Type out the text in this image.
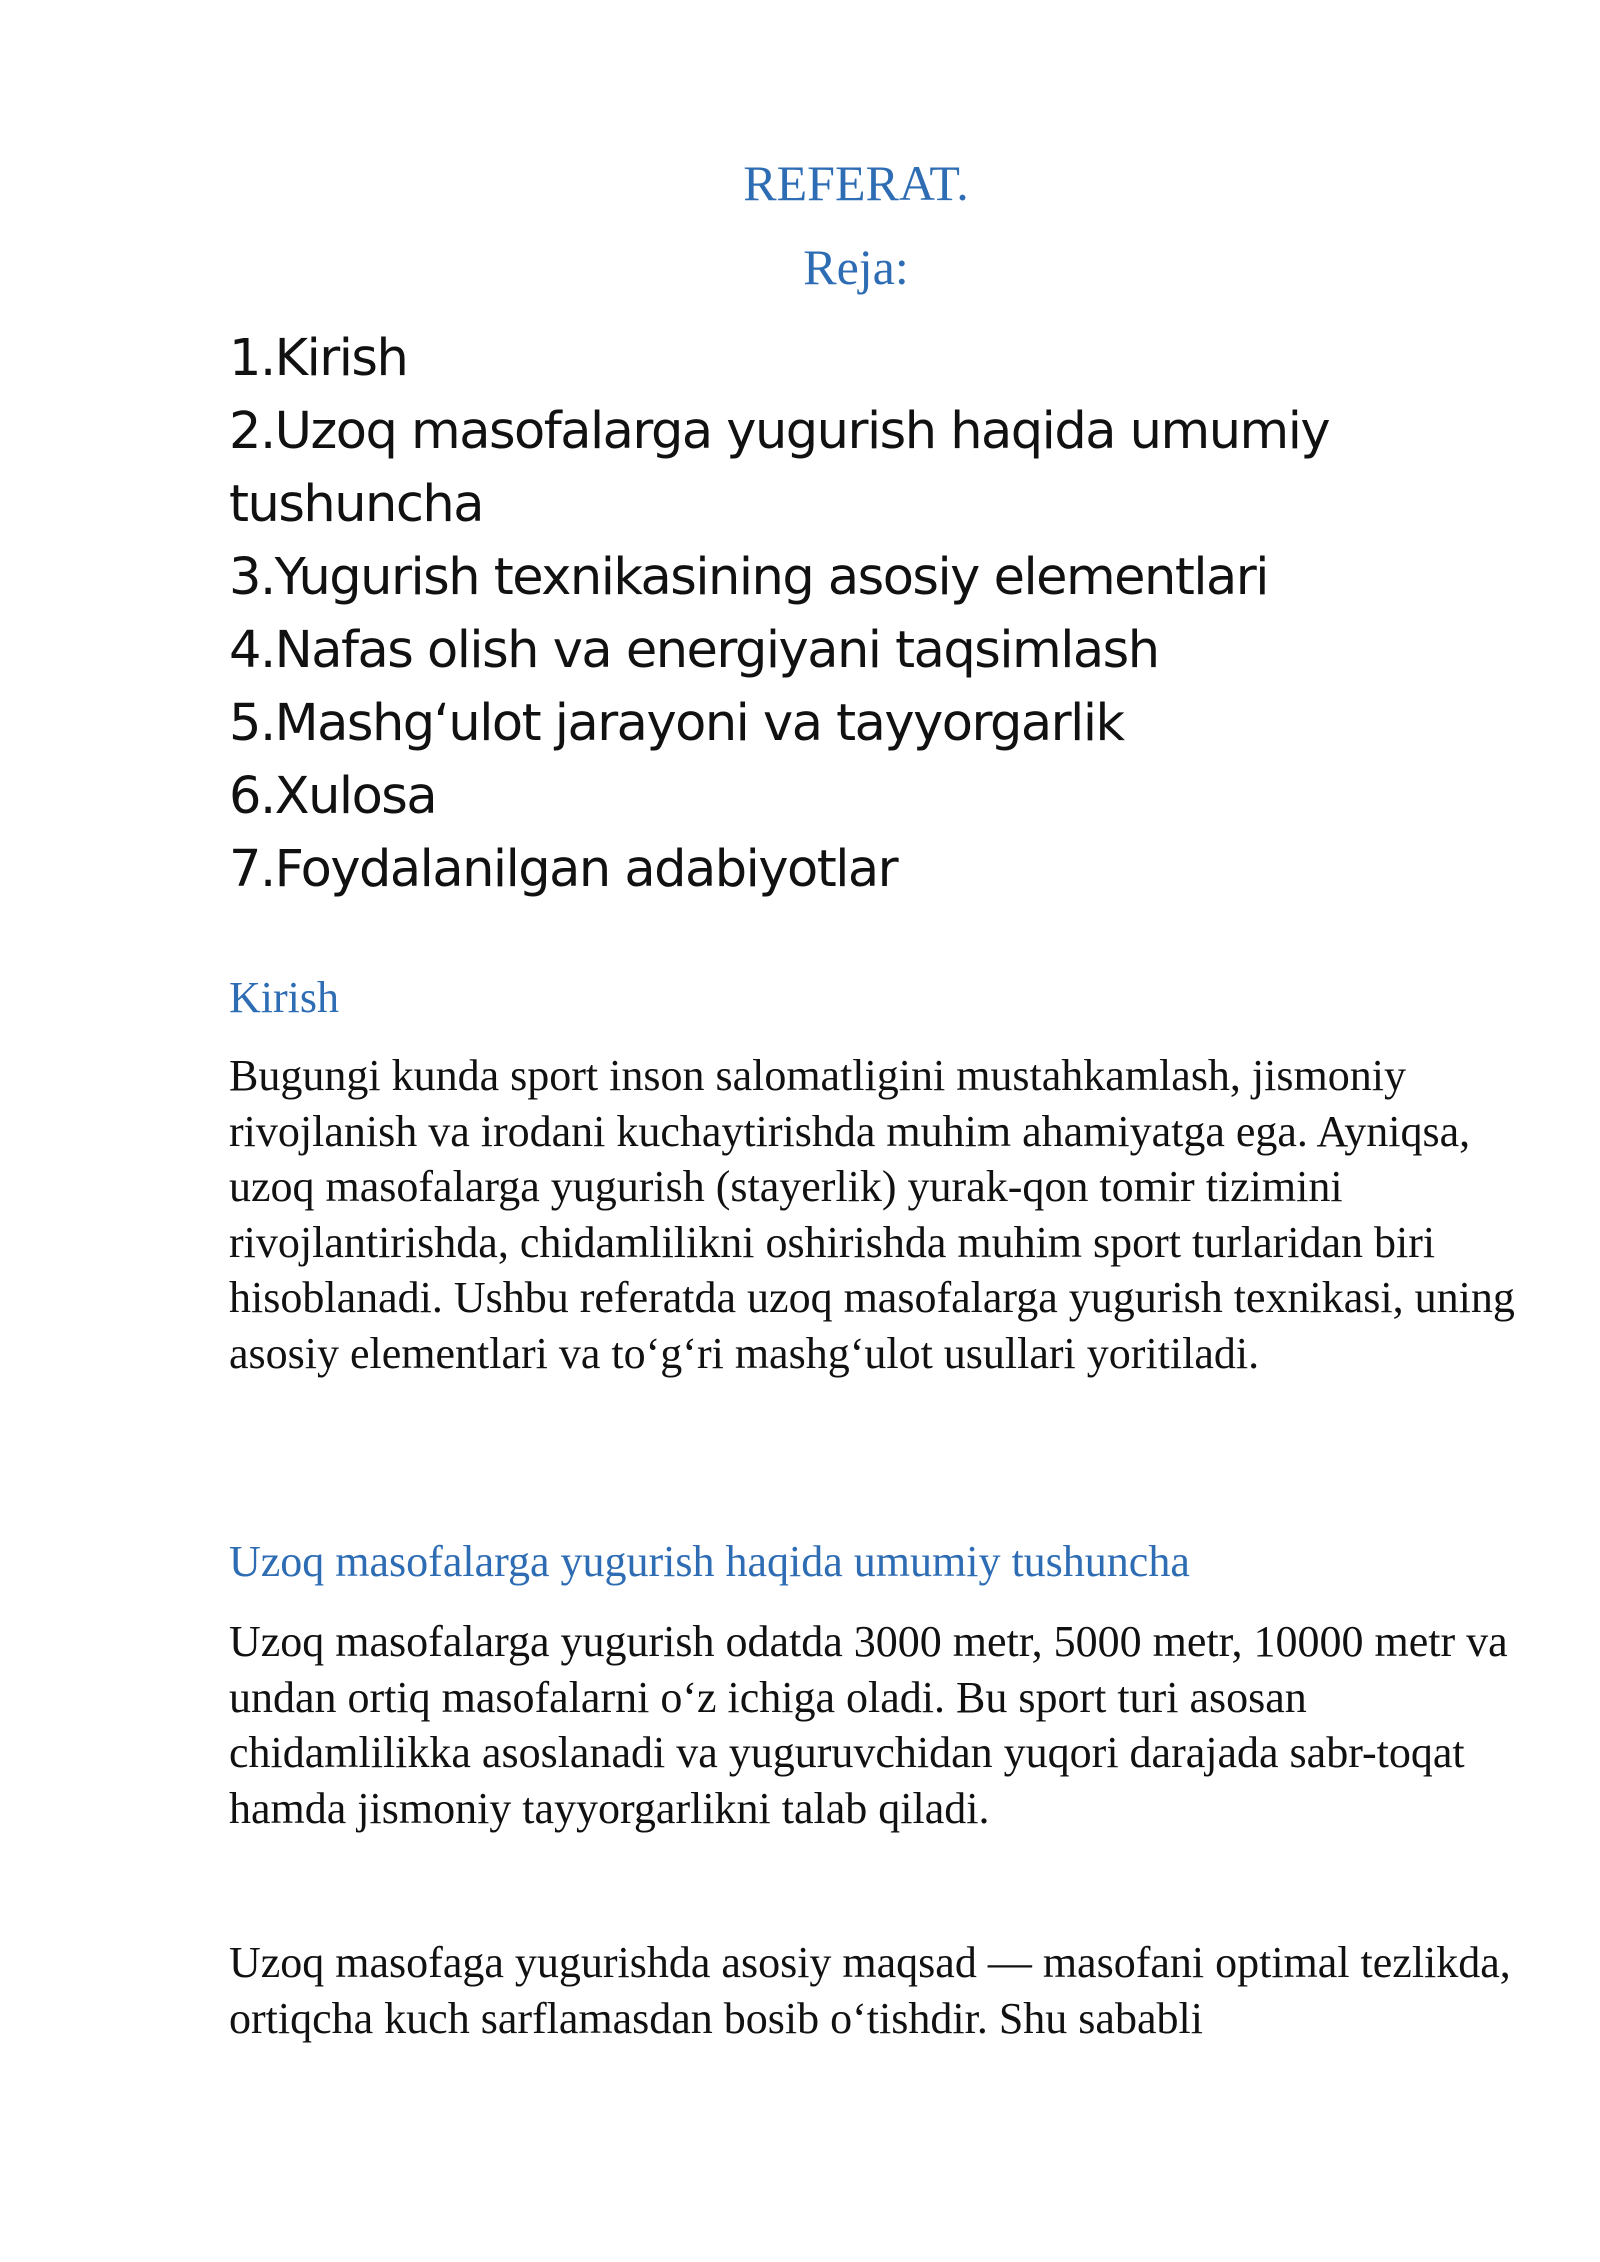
REFERAT.
Reja:
1.Kirish
2.Uzoq masofalarga yugurish haqida umumiy tushuncha
3.Yugurish texnikasining asosiy elementlari
4.Nafas olish va energiyani taqsimlash
5.Mashg‘ulot jarayoni va tayyorgarlik
6.Xulosa
7.Foydalanilgan adabiyotlar
Kirish

Bugungi kunda sport inson salomatligini mustahkamlash, jismoniy rivojlanish va irodani kuchaytirishda muhim ahamiyatga ega. Ayniqsa, uzoq masofalarga yugurish (stayerlik) yurak-qon tomir tizimini rivojlantirishda, chidamlilikni oshirishda muhim sport turlaridan biri hisoblanadi. Ushbu referatda uzoq masofalarga yugurish texnikasi, uning asosiy elementlari va to‘g‘ri mashg‘ulot usullari yoritiladi.

Uzoq masofalarga yugurish haqida umumiy tushuncha

Uzoq masofalarga yugurish odatda 3000 metr, 5000 metr, 10000 metr va undan ortiq masofalarni o‘z ichiga oladi. Bu sport turi asosan chidamlilikka asoslanadi va yuguruvchidan yuqori darajada sabr-toqat hamda jismoniy tayyorgarlikni talab qiladi.

Uzoq masofaga yugurishda asosiy maqsad — masofani optimal tezlikda, ortiqcha kuch sarflamasdan bosib o‘tishdir. Shu sababli
